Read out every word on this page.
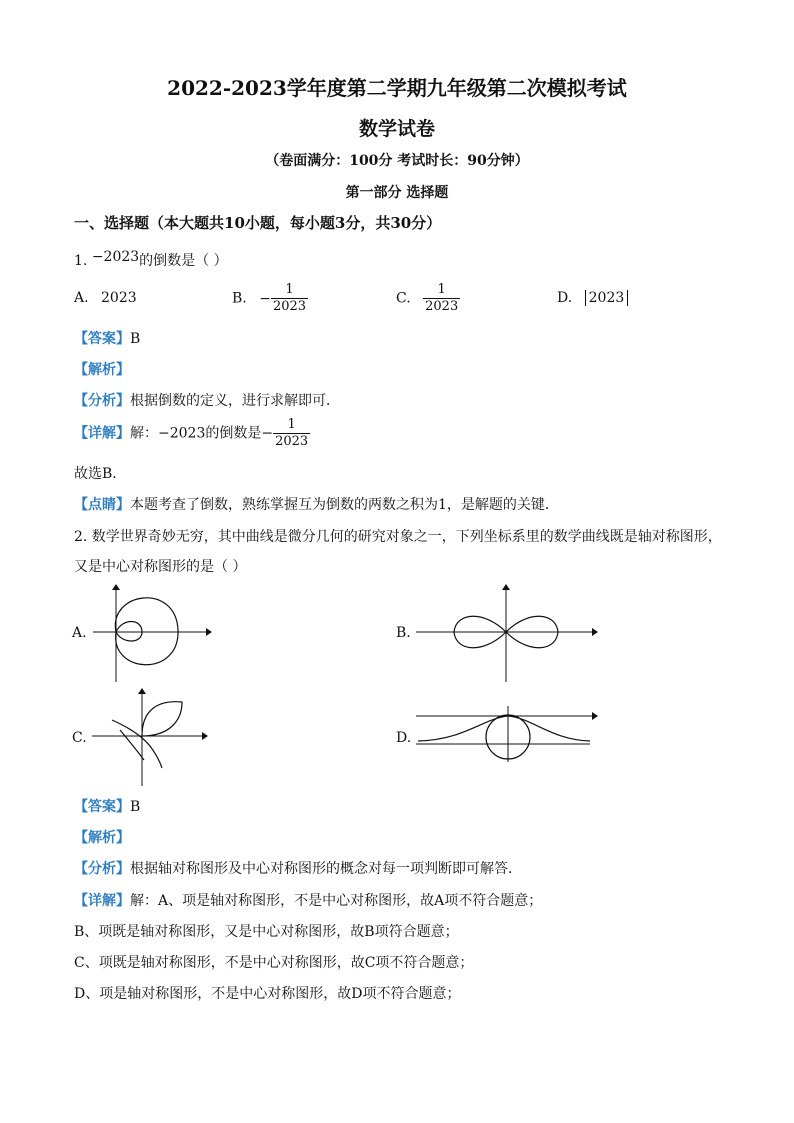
2022-2023学年度第二学期九年级第二次模拟考试
数学试卷
（卷面满分：100分 考试时长：90分钟）
第一部分 选择题
一、选择题（本大题共10小题，每小题3分，共30分）
1. −2023的倒数是（ ）
A. 2023	B. − $\frac{1}{2023}$	C. $\frac{1}{2023}$	D. 2023
【答案】B
【解析】
【分析】根据倒数的定义，进行求解即可．
【详解】解：−2023的倒数是− $\frac{1}{2023}$
故选B．
【点睛】本题考查了倒数，熟练掌握互为倒数的两数之积为1，是解题的关键．
2. 数学世界奇妙无穷，其中曲线是微分几何的研究对象之一，下列坐标系里的数学曲线既是轴对称图形，
又是中心对称图形的是（ ）
A.	B.
C.	D.
【答案】B
【解析】
【分析】根据轴对称图形及中心对称图形的概念对每一项判断即可解答．
【详解】解：A、项是轴对称图形，不是中心对称图形，故A项不符合题意；
B、项既是轴对称图形，又是中心对称图形，故B项符合题意；
C、项既是轴对称图形，不是中心对称图形，故C项不符合题意；
D、项是轴对称图形，不是中心对称图形，故D项不符合题意；
